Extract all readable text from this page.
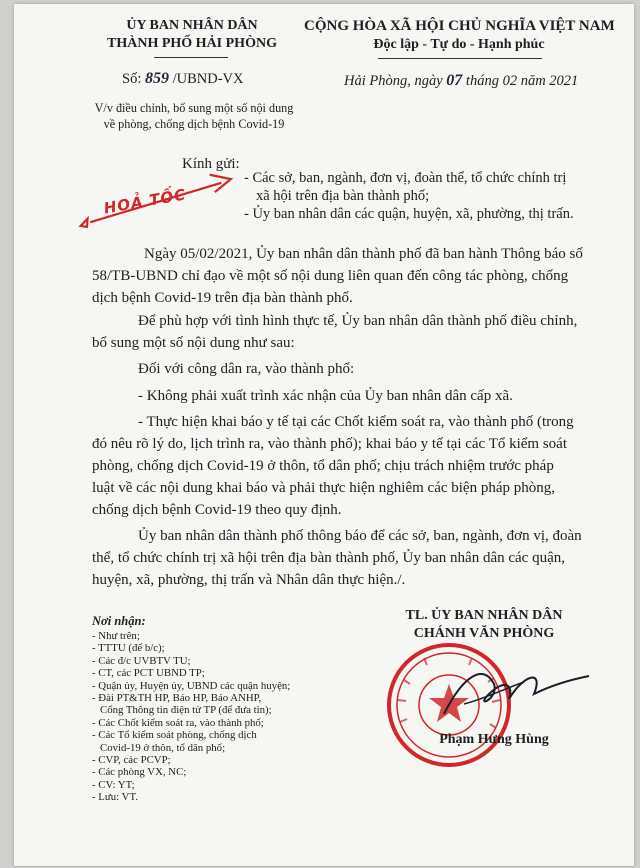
ỦY BAN NHÂN DÂN
THÀNH PHỐ HẢI PHÒNG
CỘNG HÒA XÃ HỘI CHỦ NGHĨA VIỆT NAM
Độc lập - Tự do - Hạnh phúc
Số: 859 /UBND-VX	Hải Phòng, ngày 07 tháng 02 năm 2021
V/v điều chỉnh, bổ sung một số nội dung
về phòng, chống dịch bệnh Covid-19
Kính gửi:
- Các sở, ban, ngành, đơn vị, đoàn thể, tổ chức chính trị
xã hội trên địa bàn thành phố;
- Ủy ban nhân dân các quận, huyện, xã, phường, thị trấn.
HOẢ TỐC
Ngày 05/02/2021, Ủy ban nhân dân thành phố đã ban hành Thông báo số
58/TB-UBND chỉ đạo về một số nội dung liên quan đến công tác phòng, chống
dịch bệnh Covid-19 trên địa bàn thành phố.
Để phù hợp với tình hình thực tế, Ủy ban nhân dân thành phố điều chỉnh,
bổ sung một số nội dung như sau:
Đối với công dân ra, vào thành phố:
- Không phải xuất trình xác nhận của Ủy ban nhân dân cấp xã.
- Thực hiện khai báo y tế tại các Chốt kiểm soát ra, vào thành phố (trong
đó nêu rõ lý do, lịch trình ra, vào thành phố); khai báo y tế tại các Tổ kiểm soát
phòng, chống dịch Covid-19 ở thôn, tổ dân phố; chịu trách nhiệm trước pháp
luật về các nội dung khai báo và phải thực hiện nghiêm các biện pháp phòng,
chống dịch bệnh Covid-19 theo quy định.
Ủy ban nhân dân thành phố thông báo để các sở, ban, ngành, đơn vị, đoàn
thể, tổ chức chính trị xã hội trên địa bàn thành phố, Ủy ban nhân dân các quận,
huyện, xã, phường, thị trấn và Nhân dân thực hiện./.
Nơi nhận:
- Như trên;
- TTTU (để b/c);
- Các đ/c UVBTV TU;
- CT, các PCT UBND TP;
- Quận ủy, Huyện ủy, UBND các quận huyện;
- Đài PT&TH HP, Báo HP, Báo ANHP,
Cổng Thông tin điện tử TP (để đưa tin);
- Các Chốt kiểm soát ra, vào thành phố;
- Các Tổ kiểm soát phòng, chống dịch
Covid-19 ở thôn, tổ dân phố;
- CVP, các PCVP;
- Các phòng VX, NC;
- CV: YT;
- Lưu: VT.
TL. ỦY BAN NHÂN DÂN
CHÁNH VĂN PHÒNG
Phạm Hưng Hùng
